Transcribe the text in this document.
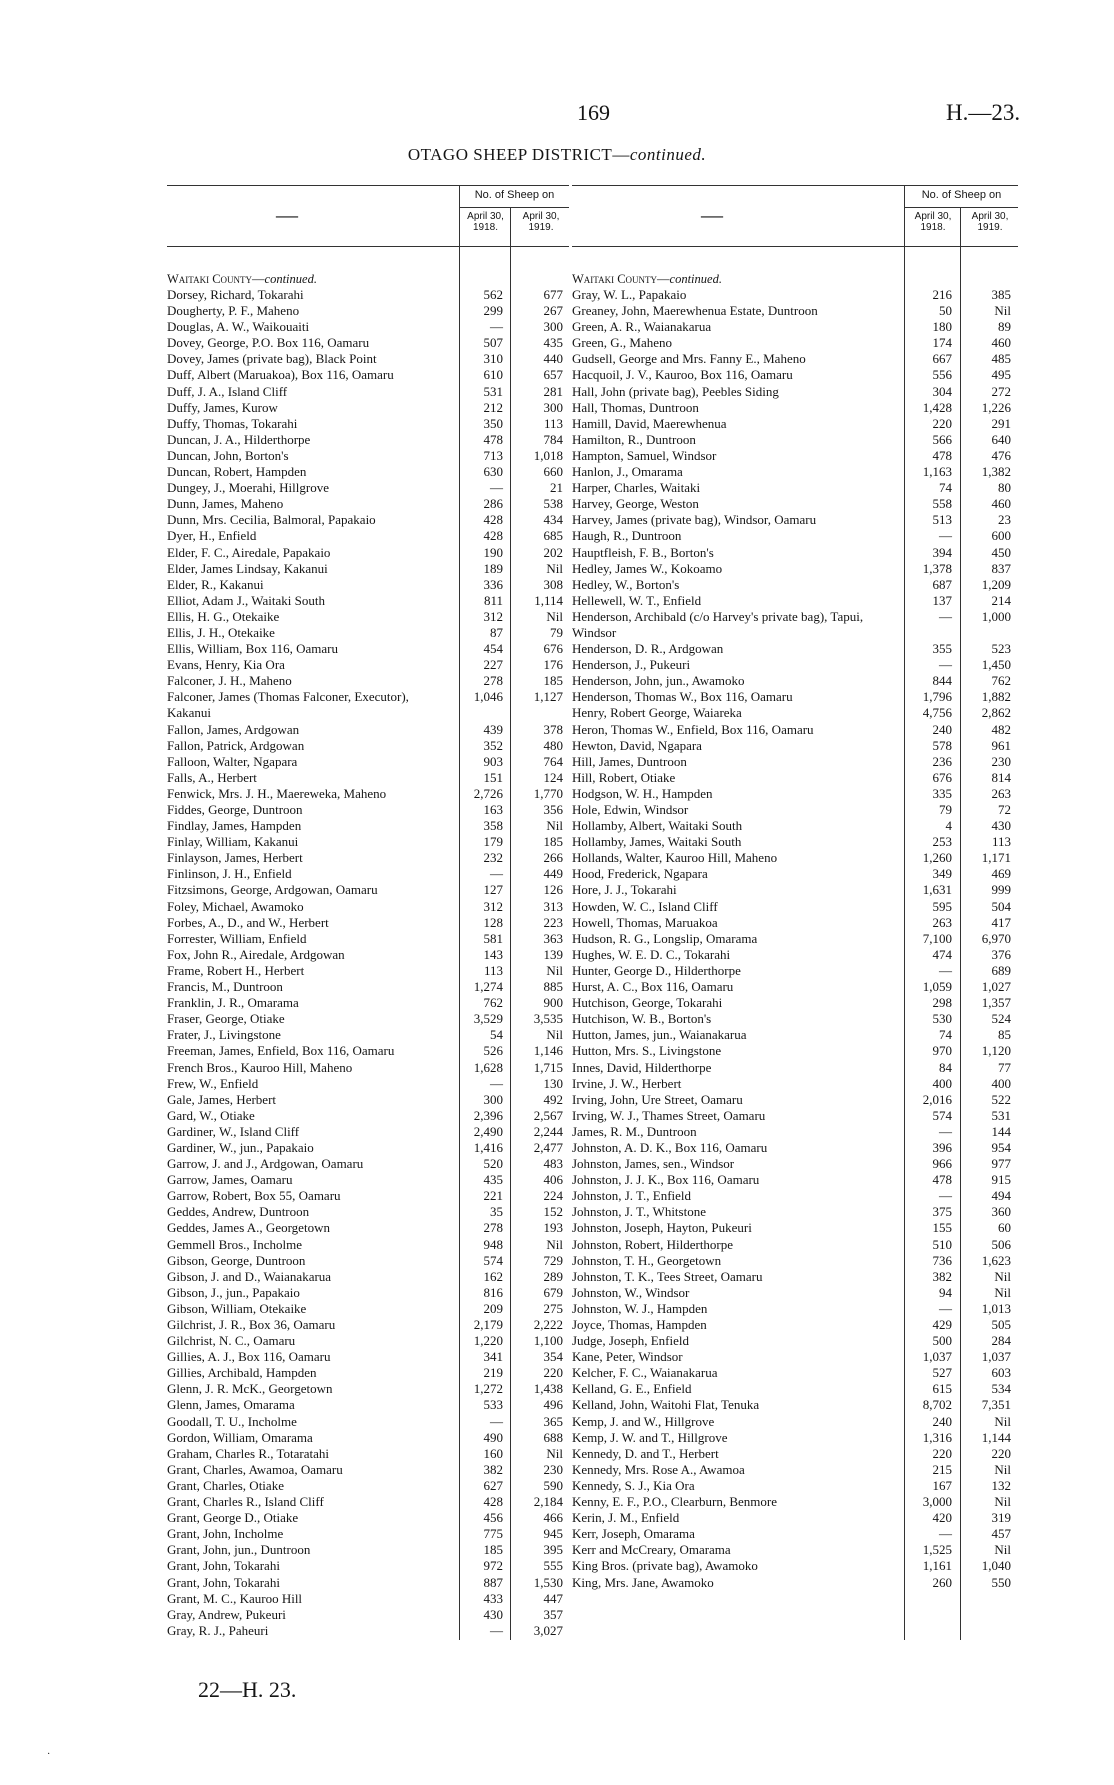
169	H.—23.
OTAGO SHEEP DISTRICT—continued.
—
No. of Sheep on
April 30, 1918.
April 30, 1919.
Waitaki County—continued.
Dorsey, Richard, Tokarahi	562	677
Dougherty, P. F., Maheno	299	267
Douglas, A. W., Waikouaiti	—	300
Dovey, George, P.O. Box 116, Oamaru	507	435
Dovey, James (private bag), Black Point	310	440
Duff, Albert (Maruakoa), Box 116, Oamaru	610	657
Duff, J. A., Island Cliff	531	281
Duffy, James, Kurow	212	300
Duffy, Thomas, Tokarahi	350	113
Duncan, J. A., Hilderthorpe	478	784
Duncan, John, Borton's	713	1,018
Duncan, Robert, Hampden	630	660
Dungey, J., Moerahi, Hillgrove	—	21
Dunn, James, Maheno	286	538
Dunn, Mrs. Cecilia, Balmoral, Papakaio	428	434
Dyer, H., Enfield	428	685
Elder, F. C., Airedale, Papakaio	190	202
Elder, James Lindsay, Kakanui	189	Nil
Elder, R., Kakanui	336	308
Elliot, Adam J., Waitaki South	811	1,114
Ellis, H. G., Otekaike	312	Nil
Ellis, J. H., Otekaike	87	79
Ellis, William, Box 116, Oamaru	454	676
Evans, Henry, Kia Ora	227	176
Falconer, J. H., Maheno	278	185
Falconer, James (Thomas Falconer, Executor), Kakanui
1,046	1,127
Fallon, James, Ardgowan	439	378
Fallon, Patrick, Ardgowan	352	480
Falloon, Walter, Ngapara	903	764
Falls, A., Herbert	151	124
Fenwick, Mrs. J. H., Maereweka, Maheno	2,726	1,770
Fiddes, George, Duntroon	163	356
Findlay, James, Hampden	358	Nil
Finlay, William, Kakanui	179	185
Finlayson, James, Herbert	232	266
Finlinson, J. H., Enfield	—	449
Fitzsimons, George, Ardgowan, Oamaru	127	126
Foley, Michael, Awamoko	312	313
Forbes, A., D., and W., Herbert	128	223
Forrester, William, Enfield	581	363
Fox, John R., Airedale, Ardgowan	143	139
Frame, Robert H., Herbert	113	Nil
Francis, M., Duntroon	1,274	885
Franklin, J. R., Omarama	762	900
Fraser, George, Otiake	3,529	3,535
Frater, J., Livingstone	54	Nil
Freeman, James, Enfield, Box 116, Oamaru	526	1,146
French Bros., Kauroo Hill, Maheno	1,628	1,715
Frew, W., Enfield	—	130
Gale, James, Herbert	300	492
Gard, W., Otiake	2,396	2,567
Gardiner, W., Island Cliff	2,490	2,244
Gardiner, W., jun., Papakaio	1,416	2,477
Garrow, J. and J., Ardgowan, Oamaru	520	483
Garrow, James, Oamaru	435	406
Garrow, Robert, Box 55, Oamaru	221	224
Geddes, Andrew, Duntroon	35	152
Geddes, James A., Georgetown	278	193
Gemmell Bros., Incholme	948	Nil
Gibson, George, Duntroon	574	729
Gibson, J. and D., Waianakarua	162	289
Gibson, J., jun., Papakaio	816	679
Gibson, William, Otekaike	209	275
Gilchrist, J. R., Box 36, Oamaru	2,179	2,222
Gilchrist, N. C., Oamaru	1,220	1,100
Gillies, A. J., Box 116, Oamaru	341	354
Gillies, Archibald, Hampden	219	220
Glenn, J. R. McK., Georgetown	1,272	1,438
Glenn, James, Omarama	533	496
Goodall, T. U., Incholme	—	365
Gordon, William, Omarama	490	688
Graham, Charles R., Totaratahi	160	Nil
Grant, Charles, Awamoa, Oamaru	382	230
Grant, Charles, Otiake	627	590
Grant, Charles R., Island Cliff	428	2,184
Grant, George D., Otiake	456	466
Grant, John, Incholme	775	945
Grant, John, jun., Duntroon	185	395
Grant, John, Tokarahi	972	555
Grant, John, Tokarahi	887	1,530
Grant, M. C., Kauroo Hill	433	447
Gray, Andrew, Pukeuri	430	357
Gray, R. J., Paheuri	—	3,027
—
No. of Sheep on
April 30, 1918.
April 30, 1919.
Waitaki County—continued.
Gray, W. L., Papakaio	216	385
Greaney, John, Maerewhenua Estate, Duntroon	50	Nil
Green, A. R., Waianakarua	180	89
Green, G., Maheno	174	460
Gudsell, George and Mrs. Fanny E., Maheno	667	485
Hacquoil, J. V., Kauroo, Box 116, Oamaru	556	495
Hall, John (private bag), Peebles Siding	304	272
Hall, Thomas, Duntroon	1,428	1,226
Hamill, David, Maerewhenua	220	291
Hamilton, R., Duntroon	566	640
Hampton, Samuel, Windsor	478	476
Hanlon, J., Omarama	1,163	1,382
Harper, Charles, Waitaki	74	80
Harvey, George, Weston	558	460
Harvey, James (private bag), Windsor, Oamaru	513	23
Haugh, R., Duntroon	—	600
Hauptfleish, F. B., Borton's	394	450
Hedley, James W., Kokoamo	1,378	837
Hedley, W., Borton's	687	1,209
Hellewell, W. T., Enfield	137	214
Henderson, Archibald (c/o Harvey's private bag), Tapui, Windsor
—	1,000
Henderson, D. R., Ardgowan	355	523
Henderson, J., Pukeuri	—	1,450
Henderson, John, jun., Awamoko	844	762
Henderson, Thomas W., Box 116, Oamaru	1,796	1,882
Henry, Robert George, Waiareka	4,756	2,862
Heron, Thomas W., Enfield, Box 116, Oamaru	240	482
Hewton, David, Ngapara	578	961
Hill, James, Duntroon	236	230
Hill, Robert, Otiake	676	814
Hodgson, W. H., Hampden	335	263
Hole, Edwin, Windsor	79	72
Hollamby, Albert, Waitaki South	4	430
Hollamby, James, Waitaki South	253	113
Hollands, Walter, Kauroo Hill, Maheno	1,260	1,171
Hood, Frederick, Ngapara	349	469
Hore, J. J., Tokarahi	1,631	999
Howden, W. C., Island Cliff	595	504
Howell, Thomas, Maruakoa	263	417
Hudson, R. G., Longslip, Omarama	7,100	6,970
Hughes, W. E. D. C., Tokarahi	474	376
Hunter, George D., Hilderthorpe	—	689
Hurst, A. C., Box 116, Oamaru	1,059	1,027
Hutchison, George, Tokarahi	298	1,357
Hutchison, W. B., Borton's	530	524
Hutton, James, jun., Waianakarua	74	85
Hutton, Mrs. S., Livingstone	970	1,120
Innes, David, Hilderthorpe	84	77
Irvine, J. W., Herbert	400	400
Irving, John, Ure Street, Oamaru	2,016	522
Irving, W. J., Thames Street, Oamaru	574	531
James, R. M., Duntroon	—	144
Johnston, A. D. K., Box 116, Oamaru	396	954
Johnston, James, sen., Windsor	966	977
Johnston, J. J. K., Box 116, Oamaru	478	915
Johnston, J. T., Enfield	—	494
Johnston, J. T., Whitstone	375	360
Johnston, Joseph, Hayton, Pukeuri	155	60
Johnston, Robert, Hilderthorpe	510	506
Johnston, T. H., Georgetown	736	1,623
Johnston, T. K., Tees Street, Oamaru	382	Nil
Johnston, W., Windsor	94	Nil
Johnston, W. J., Hampden	—	1,013
Joyce, Thomas, Hampden	429	505
Judge, Joseph, Enfield	500	284
Kane, Peter, Windsor	1,037	1,037
Kelcher, F. C., Waianakarua	527	603
Kelland, G. E., Enfield	615	534
Kelland, John, Waitohi Flat, Tenuka	8,702	7,351
Kemp, J. and W., Hillgrove	240	Nil
Kemp, J. W. and T., Hillgrove	1,316	1,144
Kennedy, D. and T., Herbert	220	220
Kennedy, Mrs. Rose A., Awamoa	215	Nil
Kennedy, S. J., Kia Ora	167	132
Kenny, E. F., P.O., Clearburn, Benmore	3,000	Nil
Kerin, J. M., Enfield	420	319
Kerr, Joseph, Omarama	—	457
Kerr and McCreary, Omarama	1,525	Nil
King Bros. (private bag), Awamoko	1,161	1,040
King, Mrs. Jane, Awamoko	260	550
22—H. 23.
·
